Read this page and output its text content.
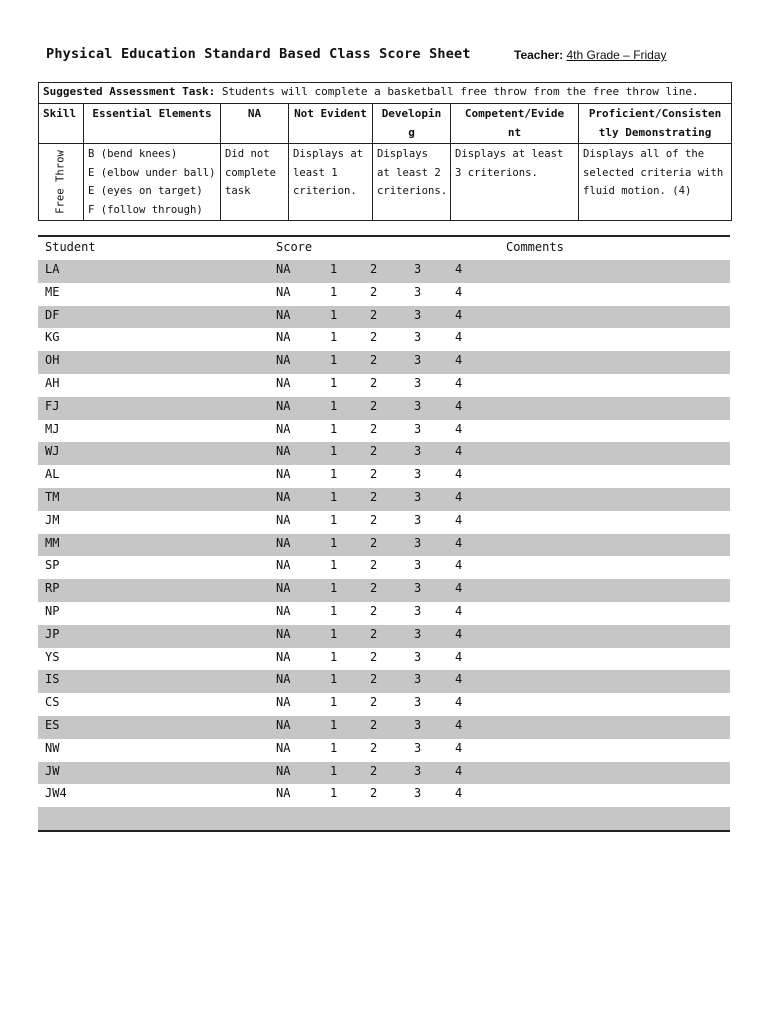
Physical Education Standard Based Class Score Sheet	Teacher: 4th Grade – Friday
Suggested Assessment Task: Students will complete a basketball free throw from the free throw line.						
Skill	Essential Elements	NA	Not Evident	Developin g	Competent/Evide nt	Proficient/Consisten tly Demonstrating

Free Throw	B (bend knees)
E (elbow under ball)
E (eyes on target)
F (follow through)	Did not complete task	Displays at least 1 criterion.	Displays at least 2 criterions.	Displays at least 3 criterions.	Displays all of the selected criteria with fluid motion. (4)
Student	Score	Comments
LA	NA	1	2	3	4
ME	NA	1	2	3	4
DF	NA	1	2	3	4
KG	NA	1	2	3	4
OH	NA	1	2	3	4
AH	NA	1	2	3	4
FJ	NA	1	2	3	4
MJ	NA	1	2	3	4
WJ	NA	1	2	3	4
AL	NA	1	2	3	4
TM	NA	1	2	3	4
JM	NA	1	2	3	4
MM	NA	1	2	3	4
SP	NA	1	2	3	4
RP	NA	1	2	3	4
NP	NA	1	2	3	4
JP	NA	1	2	3	4
YS	NA	1	2	3	4
IS	NA	1	2	3	4
CS	NA	1	2	3	4
ES	NA	1	2	3	4
NW	NA	1	2	3	4
JW	NA	1	2	3	4
JW4	NA	1	2	3	4
